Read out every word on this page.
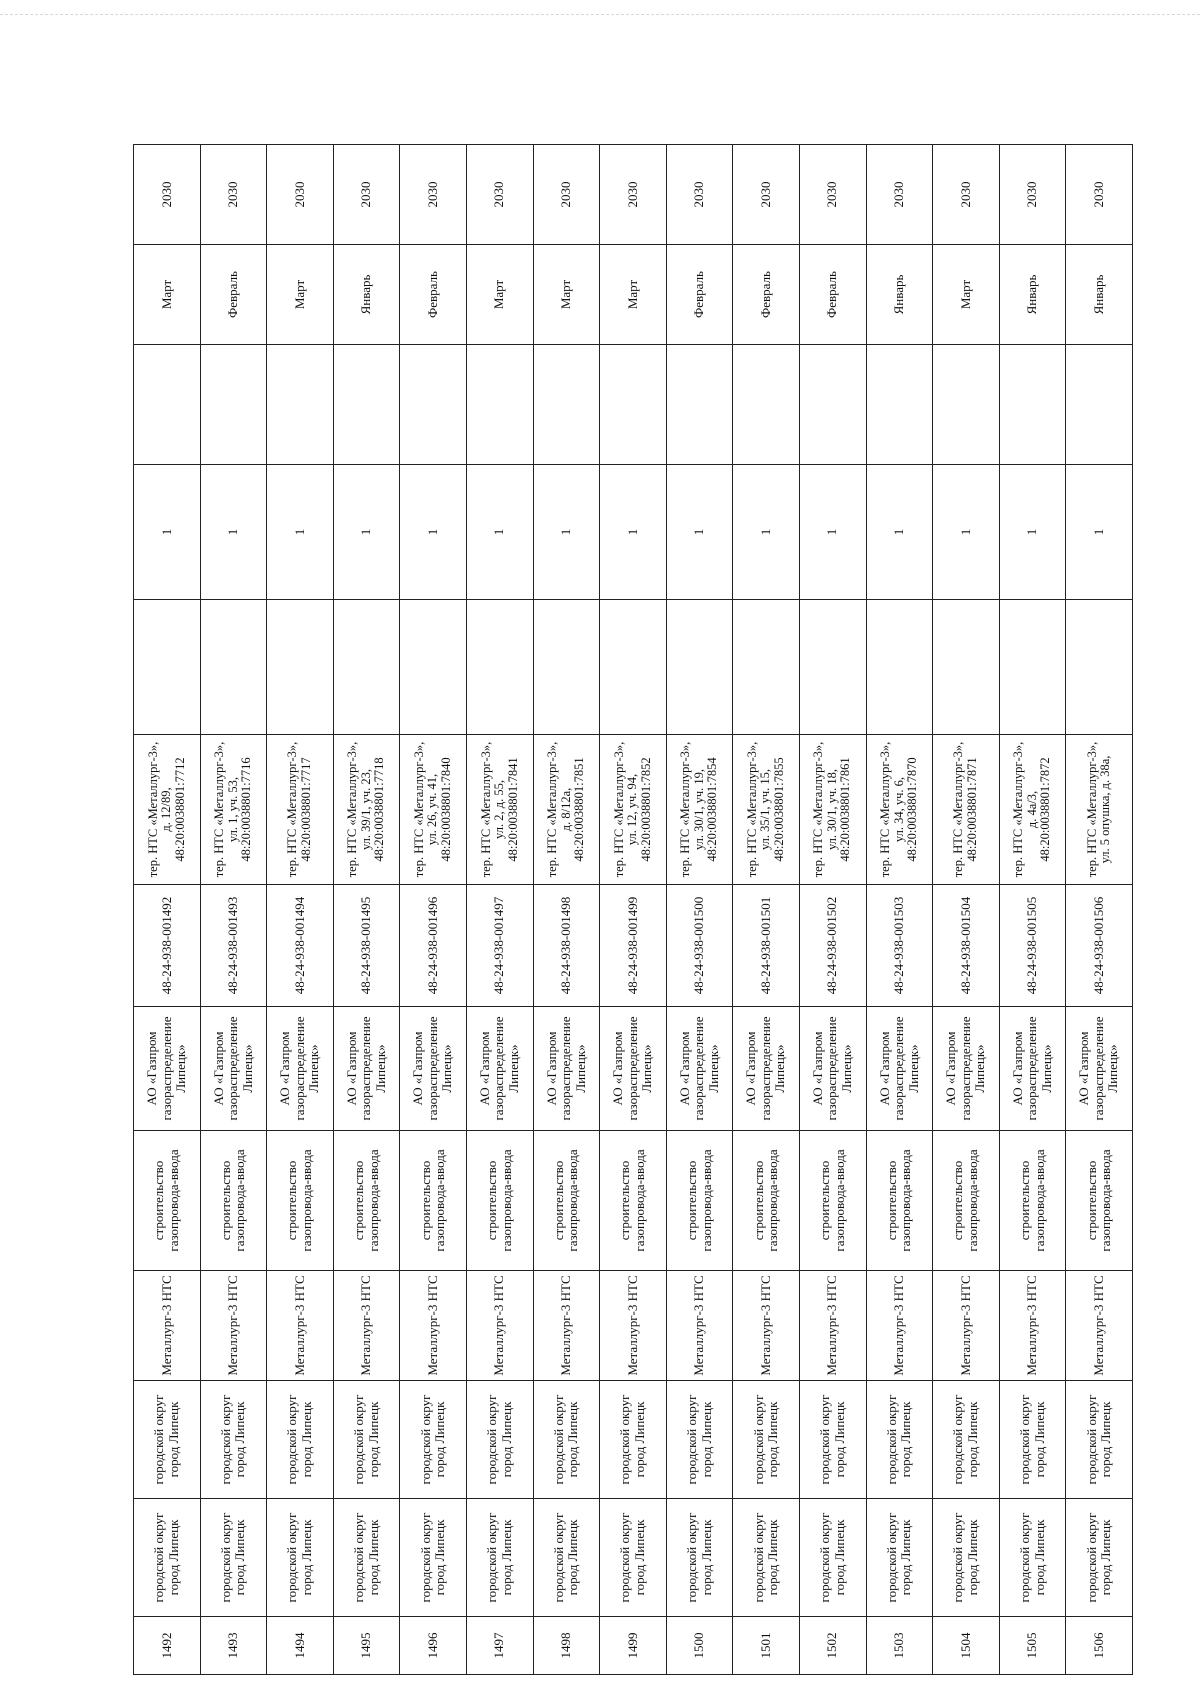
1492	городской округ город Липецк	городской округ город Липецк	Металлург-3 НТС	строительство газопровода-ввода	АО «Газпром газораспределение Липецк»	48-24-938-001492	тер. НТС «Металлург-3», д. 12/89, 48:20:0038801:7712		1		Март	2030
1493	городской округ город Липецк	городской округ город Липецк	Металлург-3 НТС	строительство газопровода-ввода	АО «Газпром газораспределение Липецк»	48-24-938-001493	тер. НТС «Металлург-3», ул. 1, уч. 53, 48:20:0038801:7716		1		Февраль	2030
1494	городской округ город Липецк	городской округ город Липецк	Металлург-3 НТС	строительство газопровода-ввода	АО «Газпром газораспределение Липецк»	48-24-938-001494	тер. НТС «Металлург-3», 48:20:0038801:7717		1		Март	2030
1495	городской округ город Липецк	городской округ город Липецк	Металлург-3 НТС	строительство газопровода-ввода	АО «Газпром газораспределение Липецк»	48-24-938-001495	тер. НТС «Металлург-3», ул. 39/1, уч. 23, 48:20:0038801:7718		1		Январь	2030
1496	городской округ город Липецк	городской округ город Липецк	Металлург-3 НТС	строительство газопровода-ввода	АО «Газпром газораспределение Липецк»	48-24-938-001496	тер. НТС «Металлург-3», ул. 26, уч. 41, 48:20:0038801:7840		1		Февраль	2030
1497	городской округ город Липецк	городской округ город Липецк	Металлург-3 НТС	строительство газопровода-ввода	АО «Газпром газораспределение Липецк»	48-24-938-001497	тер. НТС «Металлург-3», ул. 2, д. 55, 48:20:0038801:7841		1		Март	2030
1498	городской округ город Липецк	городской округ город Липецк	Металлург-3 НТС	строительство газопровода-ввода	АО «Газпром газораспределение Липецк»	48-24-938-001498	тер. НТС «Металлург-3», д. 8/12а, 48:20:0038801:7851		1		Март	2030
1499	городской округ город Липецк	городской округ город Липецк	Металлург-3 НТС	строительство газопровода-ввода	АО «Газпром газораспределение Липецк»	48-24-938-001499	тер. НТС «Металлург-3», ул. 12, уч. 94, 48:20:0038801:7852		1		Март	2030
1500	городской округ город Липецк	городской округ город Липецк	Металлург-3 НТС	строительство газопровода-ввода	АО «Газпром газораспределение Липецк»	48-24-938-001500	тер. НТС «Металлург-3», ул. 30/1, уч. 19, 48:20:0038801:7854		1		Февраль	2030
1501	городской округ город Липецк	городской округ город Липецк	Металлург-3 НТС	строительство газопровода-ввода	АО «Газпром газораспределение Липецк»	48-24-938-001501	тер. НТС «Металлург-3», ул. 35/1, уч. 15, 48:20:0038801:7855		1		Февраль	2030
1502	городской округ город Липецк	городской округ город Липецк	Металлург-3 НТС	строительство газопровода-ввода	АО «Газпром газораспределение Липецк»	48-24-938-001502	тер. НТС «Металлург-3», ул. 30/1, уч. 18, 48:20:0038801:7861		1		Февраль	2030
1503	городской округ город Липецк	городской округ город Липецк	Металлург-3 НТС	строительство газопровода-ввода	АО «Газпром газораспределение Липецк»	48-24-938-001503	тер. НТС «Металлург-3», ул. 34, уч. 6, 48:20:0038801:7870		1		Январь	2030
1504	городской округ город Липецк	городской округ город Липецк	Металлург-3 НТС	строительство газопровода-ввода	АО «Газпром газораспределение Липецк»	48-24-938-001504	тер. НТС «Металлург-3», 48:20:0038801:7871		1		Март	2030
1505	городской округ город Липецк	городской округ город Липецк	Металлург-3 НТС	строительство газопровода-ввода	АО «Газпром газораспределение Липецк»	48-24-938-001505	тер. НТС «Металлург-3», д. 4а/3, 48:20:0038801:7872		1		Январь	2030
1506	городской округ город Липецк	городской округ город Липецк	Металлург-3 НТС	строительство газопровода-ввода	АО «Газпром газораспределение Липецк»	48-24-938-001506	тер. НТС «Металлург-3», ул. 5 опушка, д. 38а,		1		Январь	2030
